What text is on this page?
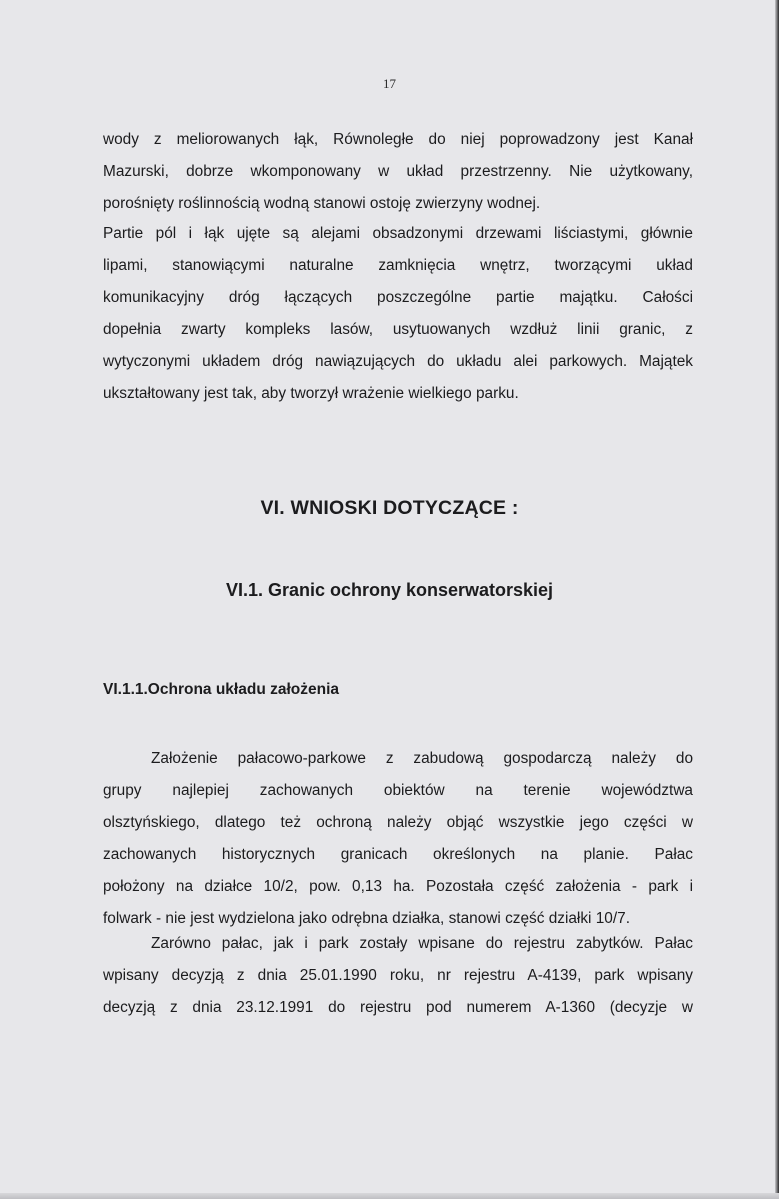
17

wody z meliorowanych łąk, Równoległe do niej poprowadzony jest Kanał
Mazurski, dobrze wkomponowany w układ przestrzenny. Nie użytkowany,
porośnięty roślinnością wodną stanowi ostoję zwierzyny wodnej.

Partie pól i łąk ujęte są alejami obsadzonymi drzewami liściastymi, głównie
lipami, stanowiącymi naturalne zamknięcia wnętrz, tworzącymi układ
komunikacyjny dróg łączących poszczególne partie majątku. Całości
dopełnia zwarty kompleks lasów, usytuowanych wzdłuż linii granic, z
wytyczonymi układem dróg nawiązujących do układu alei parkowych. Majątek
ukształtowany jest tak, aby tworzył wrażenie wielkiego parku.

VI. WNIOSKI DOTYCZĄCE :
VI.1. Granic ochrony konserwatorskiej
VI.1.1.Ochrona układu założenia

Założenie pałacowo-parkowe z zabudową gospodarczą należy do
grupy najlepiej zachowanych obiektów na terenie województwa
olsztyńskiego, dlatego też ochroną należy objąć wszystkie jego części w
zachowanych historycznych granicach określonych na planie. Pałac
położony na działce 10/2, pow. 0,13 ha. Pozostała część założenia - park i
folwark - nie jest wydzielona jako odrębna działka, stanowi część działki 10/7.

Zarówno pałac, jak i park zostały wpisane do rejestru zabytków. Pałac
wpisany decyzją z dnia 25.01.1990 roku, nr rejestru A-4139, park wpisany
decyzją z dnia 23.12.1991 do rejestru pod numerem A-1360 (decyzje w
